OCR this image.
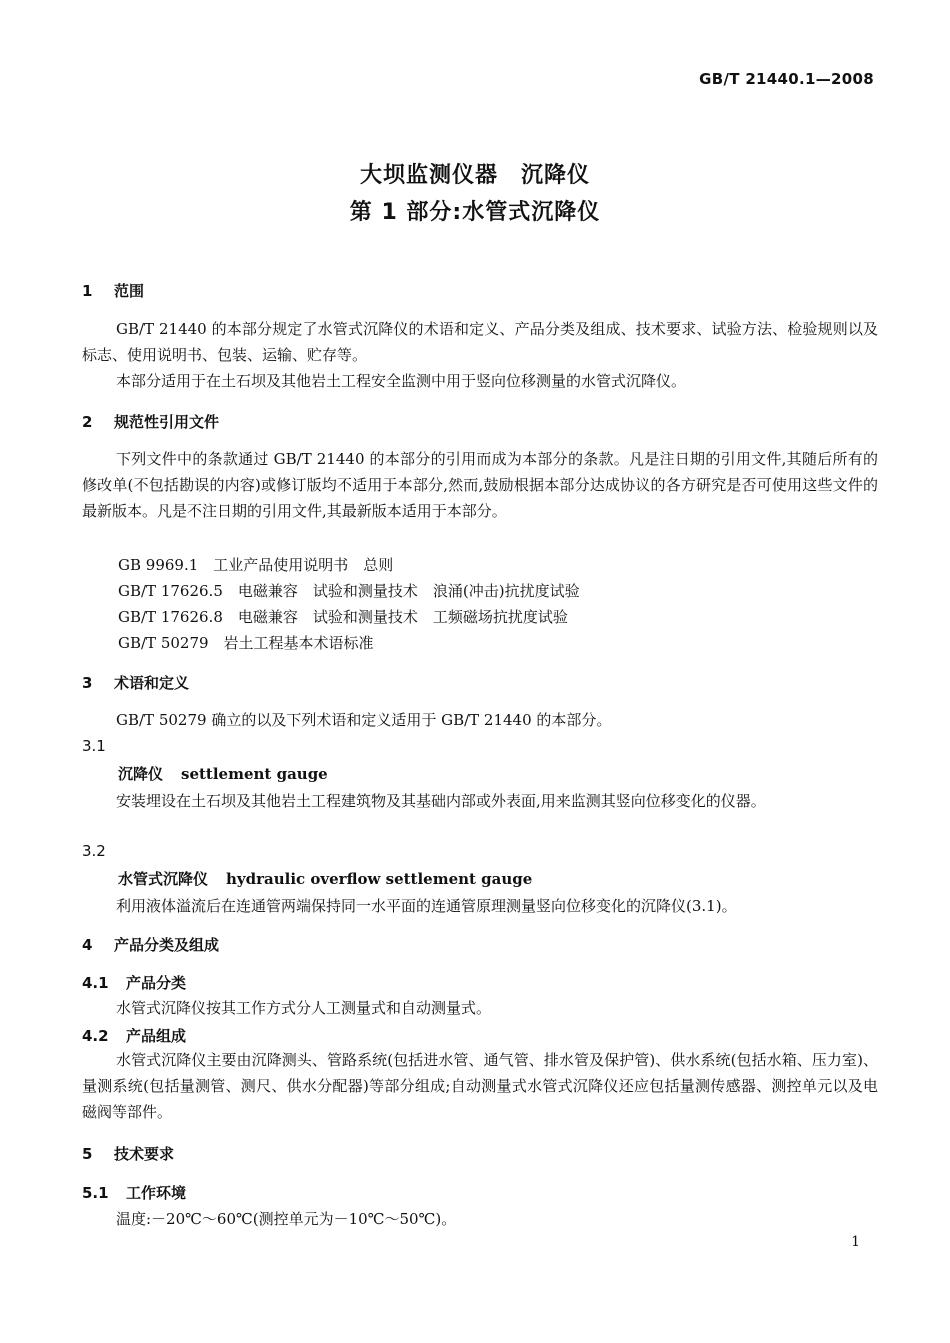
GB/T 21440.1—2008
大坝监测仪器　沉降仪
第 1 部分:水管式沉降仪
1 范围
GB/T 21440 的本部分规定了水管式沉降仪的术语和定义、产品分类及组成、技术要求、试验方法、检验规则以及标志、使用说明书、包装、运输、贮存等。
本部分适用于在土石坝及其他岩土工程安全监测中用于竖向位移测量的水管式沉降仪。
2 规范性引用文件
下列文件中的条款通过 GB/T 21440 的本部分的引用而成为本部分的条款。凡是注日期的引用文件,其随后所有的修改单(不包括勘误的内容)或修订版均不适用于本部分,然而,鼓励根据本部分达成协议的各方研究是否可使用这些文件的最新版本。凡是不注日期的引用文件,其最新版本适用于本部分。
GB 9969.1　工业产品使用说明书　总则
GB/T 17626.5　电磁兼容　试验和测量技术　浪涌(冲击)抗扰度试验
GB/T 17626.8　电磁兼容　试验和测量技术　工频磁场抗扰度试验
GB/T 50279　岩土工程基本术语标准
3 术语和定义
GB/T 50279 确立的以及下列术语和定义适用于 GB/T 21440 的本部分。
3.1
沉降仪 settlement gauge
安装埋设在土石坝及其他岩土工程建筑物及其基础内部或外表面,用来监测其竖向位移变化的仪器。
3.2
水管式沉降仪 hydraulic overflow settlement gauge
利用液体溢流后在连通管两端保持同一水平面的连通管原理测量竖向位移变化的沉降仪(3.1)。
4 产品分类及组成
4.1 产品分类
水管式沉降仪按其工作方式分人工测量式和自动测量式。
4.2 产品组成
水管式沉降仪主要由沉降测头、管路系统(包括进水管、通气管、排水管及保护管)、供水系统(包括水箱、压力室)、量测系统(包括量测管、测尺、供水分配器)等部分组成;自动测量式水管式沉降仪还应包括量测传感器、测控单元以及电磁阀等部件。
5 技术要求
5.1 工作环境
温度:－20℃～60℃(测控单元为－10℃～50℃)。
1
